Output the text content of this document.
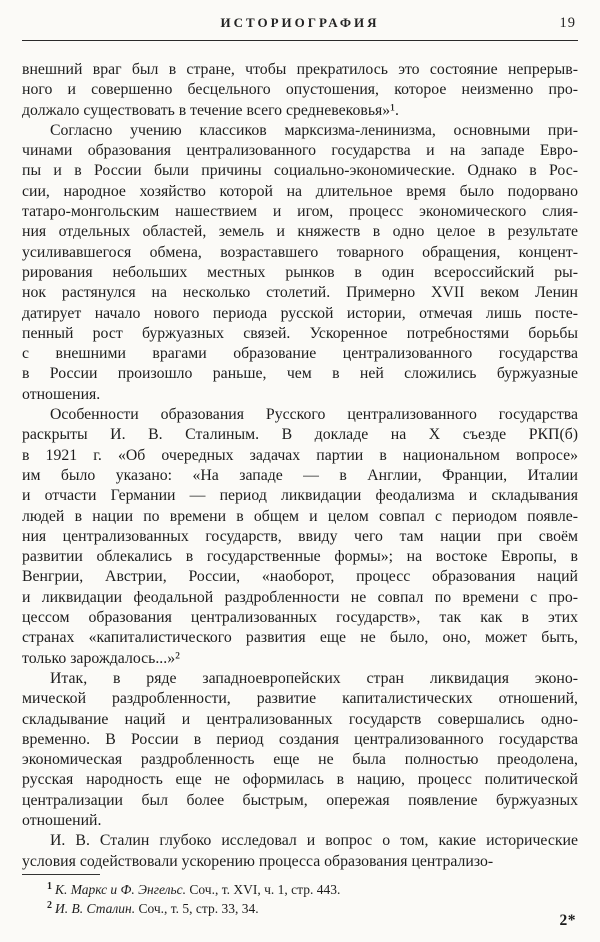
ИСТОРИОГРАФИЯ	19
внешний враг был в стране, чтобы прекратилось это состояние непрерыв-
ного и совершенно бесцельного опустошения, которое неизменно про-
должало существовать в течение всего средневековья»¹.
Согласно учению классиков марксизма-ленинизма, основными при-
чинами образования централизованного государства и на западе Евро-
пы и в России были причины социально-экономические. Однако в Рос-
сии, народное хозяйство которой на длительное время было подорвано
татаро-монгольским нашествием и игом, процесс экономического слия-
ния отдельных областей, земель и княжеств в одно целое в результате
усиливавшегося обмена, возраставшего товарного обращения, концент-
рирования небольших местных рынков в один всероссийский ры-
нок растянулся на несколько столетий. Примерно XVII веком Ленин
датирует начало нового периода русской истории, отмечая лишь посте-
пенный рост буржуазных связей. Ускоренное потребностями борьбы
с внешними врагами образование централизованного государства
в России произошло раньше, чем в ней сложились буржуазные
отношения.
Особенности образования Русского централизованного государства
раскрыты И. В. Сталиным. В докладе на X съезде РКП(б)
в 1921 г. «Об очередных задачах партии в национальном вопросе»
им было указано: «На западе — в Англии, Франции, Италии
и отчасти Германии — период ликвидации феодализма и складывания
людей в нации по времени в общем и целом совпал с периодом появле-
ния централизованных государств, ввиду чего там нации при своём
развитии облекались в государственные формы»; на востоке Европы, в
Венгрии, Австрии, России, «наоборот, процесс образования наций
и ликвидации феодальной раздробленности не совпал по времени с про-
цессом образования централизованных государств», так как в этих
странах «капиталистического развития еще не было, оно, может быть,
только зарождалось...»²
Итак, в ряде западноевропейских стран ликвидация эконо-
мической раздробленности, развитие капиталистических отношений,
складывание наций и централизованных государств совершались одно-
временно. В России в период создания централизованного государства
экономическая раздробленность еще не была полностью преодолена,
русская народность еще не оформилась в нацию, процесс политической
централизации был более быстрым, опережая появление буржуазных
отношений.
И. В. Сталин глубоко исследовал и вопрос о том, какие исторические
условия содействовали ускорению процесса образования централизо-
$^1$ К. Маркс и Ф. Энгельс. Соч., т. XVI, ч. 1, стр. 443.
$^2$ И. В. Сталин. Соч., т. 5, стр. 33, 34.
2*
